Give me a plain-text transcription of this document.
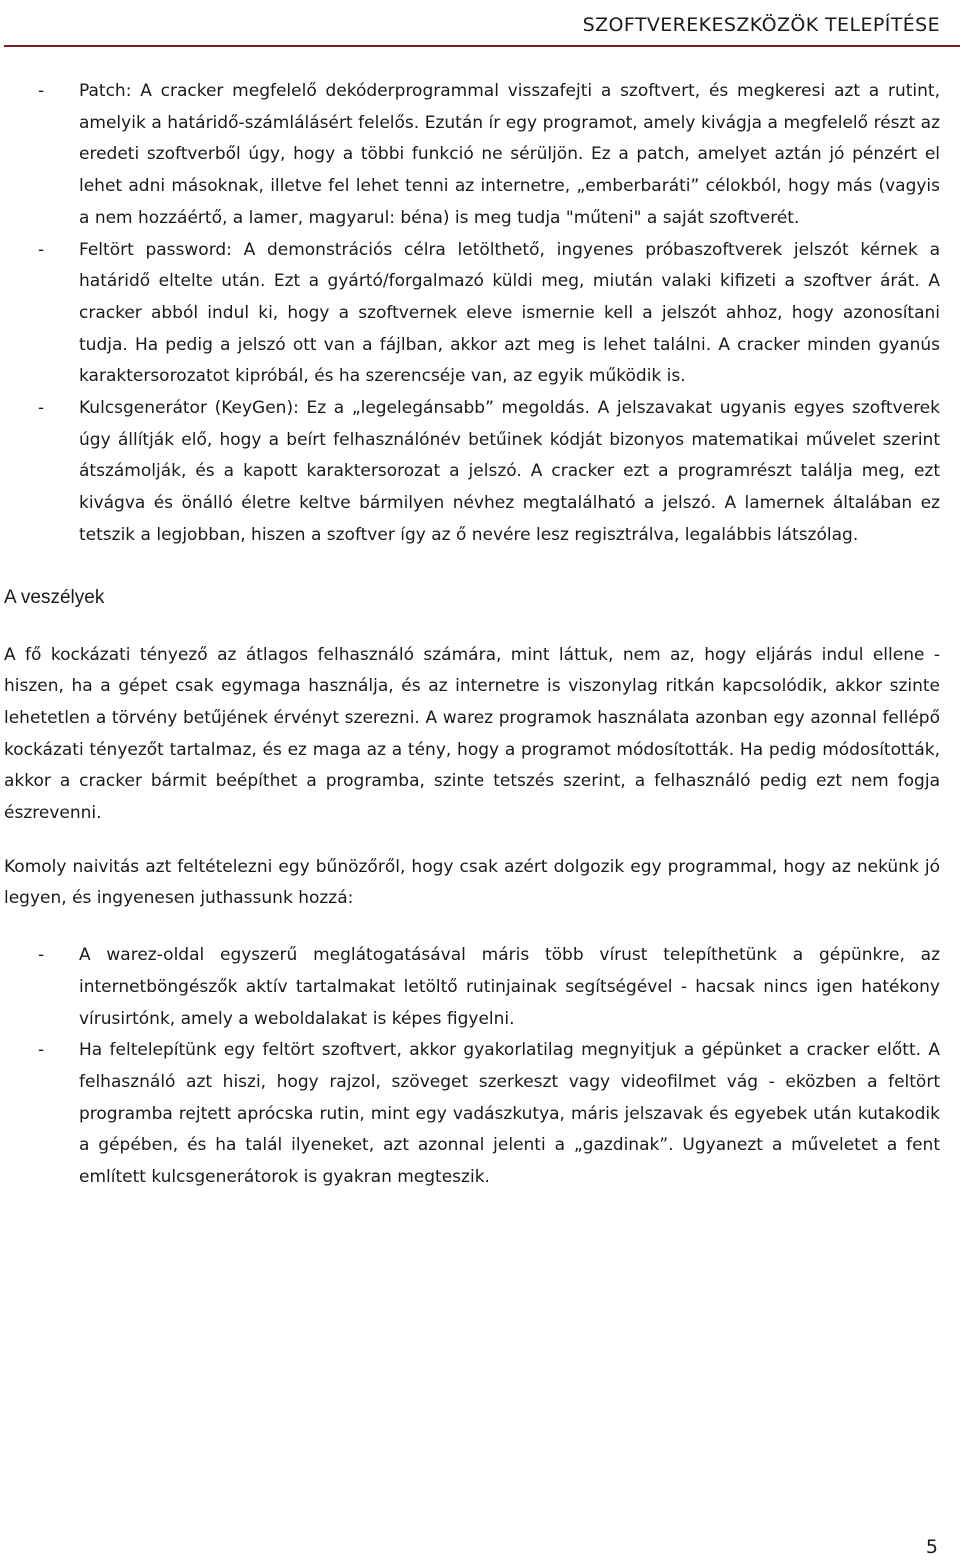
SZOFTVEREKESZKÖZÖK TELEPÍTÉSE
- Patch: A cracker megfelelő dekóderprogrammal visszafejti a szoftvert, és megkeresi azt a rutint, amelyik a határidő-számlálásért felelős. Ezután ír egy programot, amely kivágja a megfelelő részt az eredeti szoftverből úgy, hogy a többi funkció ne sérüljön. Ez a patch, amelyet aztán jó pénzért el lehet adni másoknak, illetve fel lehet tenni az internetre, „emberbaráti” célokból, hogy más (vagyis a nem hozzáértő, a lamer, magyarul: béna) is meg tudja "műteni" a saját szoftverét.
- Feltört password: A demonstrációs célra letölthető, ingyenes próbaszoftverek jelszót kérnek a határidő eltelte után. Ezt a gyártó/forgalmazó küldi meg, miután valaki kifizeti a szoftver árát. A cracker abból indul ki, hogy a szoftvernek eleve ismernie kell a jelszót ahhoz, hogy azonosítani tudja. Ha pedig a jelszó ott van a fájlban, akkor azt meg is lehet találni. A cracker minden gyanús karaktersorozatot kipróbál, és ha szerencséje van, az egyik működik is.
- Kulcsgenerátor (KeyGen): Ez a „legelegánsabb” megoldás. A jelszavakat ugyanis egyes szoftverek úgy állítják elő, hogy a beírt felhasználónév betűinek kódját bizonyos matematikai művelet szerint átszámolják, és a kapott karaktersorozat a jelszó. A cracker ezt a programrészt találja meg, ezt kivágva és önálló életre keltve bármilyen névhez megtalálható a jelszó. A lamernek általában ez tetszik a legjobban, hiszen a szoftver így az ő nevére lesz regisztrálva, legalábbis látszólag.
A veszélyek

A fő kockázati tényező az átlagos felhasználó számára, mint láttuk, nem az, hogy eljárás indul ellene - hiszen, ha a gépet csak egymaga használja, és az internetre is viszonylag ritkán kapcsolódik, akkor szinte lehetetlen a törvény betűjének érvényt szerezni. A warez programok használata azonban egy azonnal fellépő kockázati tényezőt tartalmaz, és ez maga az a tény, hogy a programot módosították. Ha pedig módosították, akkor a cracker bármit beépíthet a programba, szinte tetszés szerint, a felhasználó pedig ezt nem fogja észrevenni.

Komoly naivitás azt feltételezni egy bűnözőről, hogy csak azért dolgozik egy programmal, hogy az nekünk jó legyen, és ingyenesen juthassunk hozzá:

- A warez-oldal egyszerű meglátogatásával máris több vírust telepíthetünk a gépünkre, az internetböngészők aktív tartalmakat letöltő rutinjainak segítségével - hacsak nincs igen hatékony vírusirtónk, amely a weboldalakat is képes figyelni.
- Ha feltelepítünk egy feltört szoftvert, akkor gyakorlatilag megnyitjuk a gépünket a cracker előtt. A felhasználó azt hiszi, hogy rajzol, szöveget szerkeszt vagy videofilmet vág - eközben a feltört programba rejtett aprócska rutin, mint egy vadászkutya, máris jelszavak és egyebek után kutakodik a gépében, és ha talál ilyeneket, azt azonnal jelenti a „gazdinak”. Ugyanezt a műveletet a fent említett kulcsgenerátorok is gyakran megteszik.
5
